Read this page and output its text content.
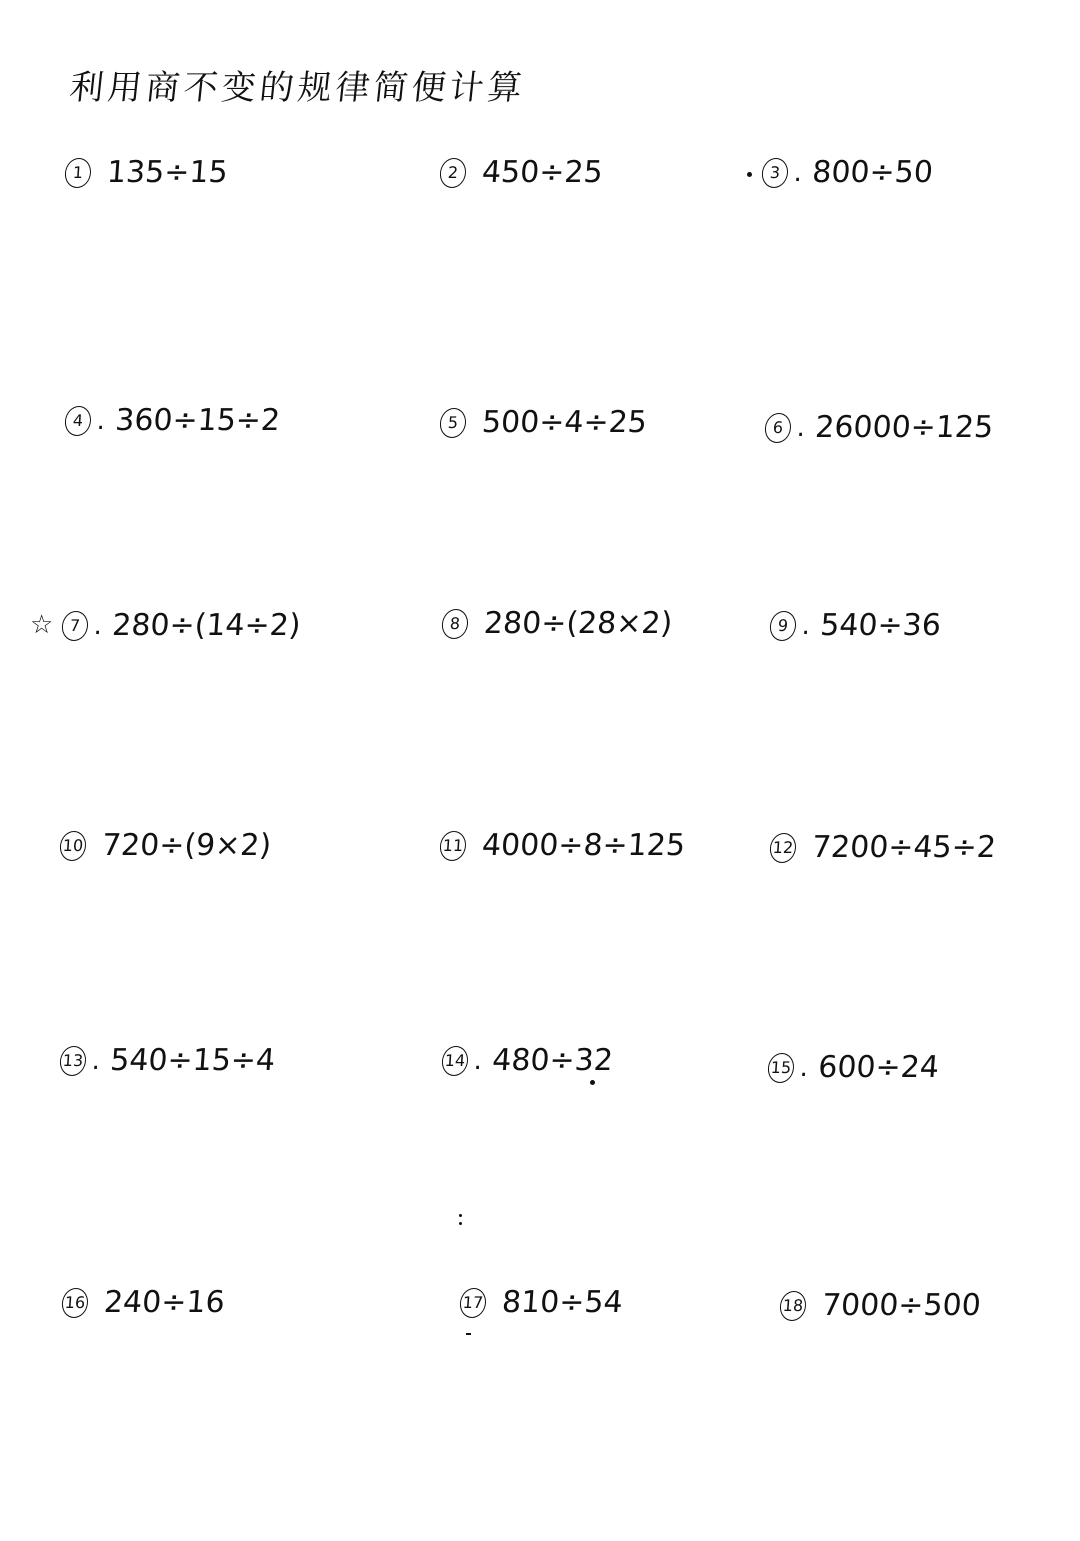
利用商不变的规律简便计算
☆
1 135÷15	2 450÷25	3 . 800÷50
4 . 360÷15÷2	5 500÷4÷25	6 . 26000÷125
7 . 280÷(14÷2)	8 280÷(28×2)	9 . 540÷36
10 720÷(9×2)	11 4000÷8÷125	12 7200÷45÷2
13 . 540÷15÷4	14 . 480÷32	15 . 600÷24
16 240÷16	17 810÷54	18 7000÷500
